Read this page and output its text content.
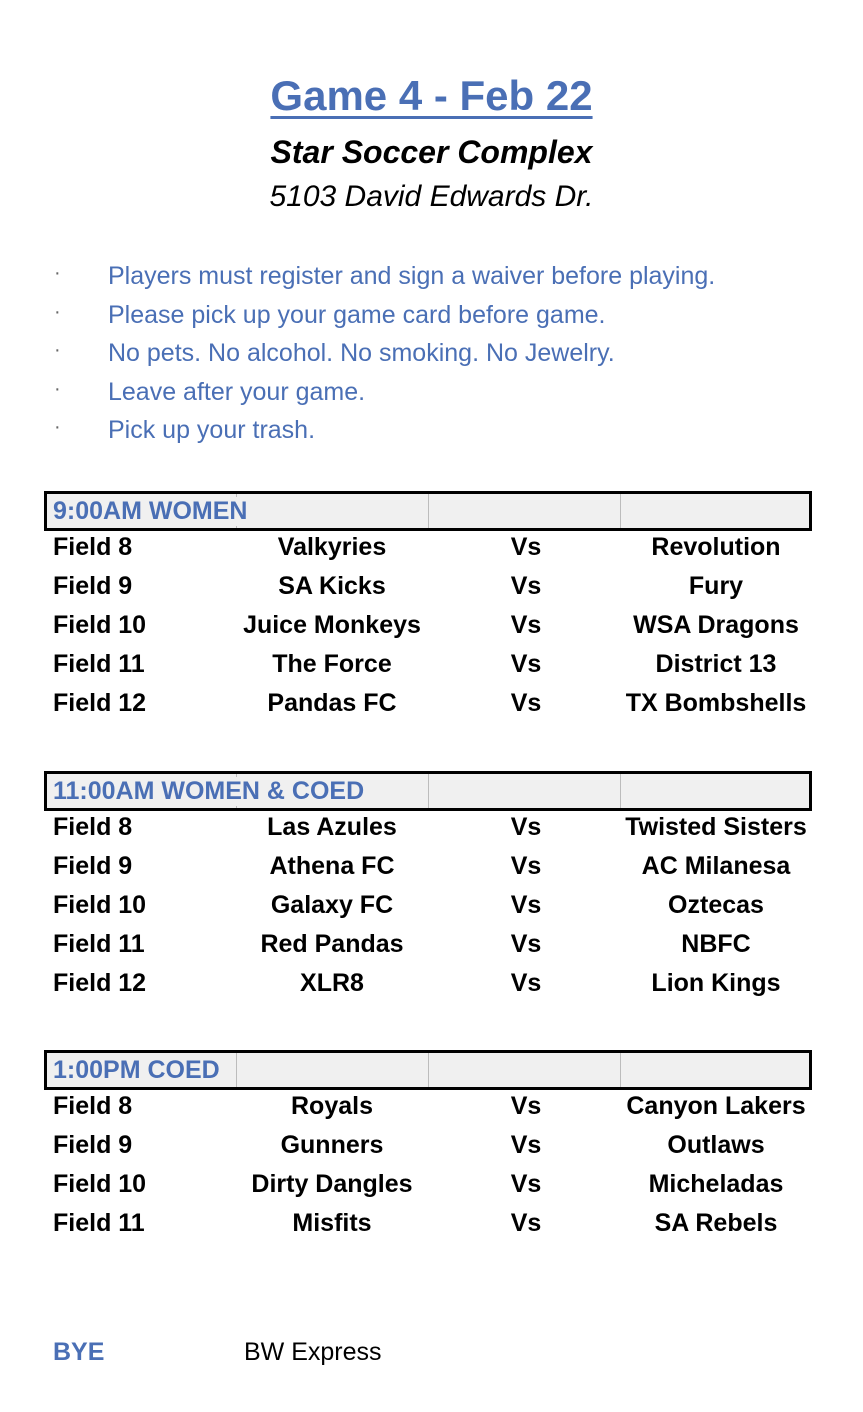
Game 4 - Feb 22
Star Soccer Complex
5103 David Edwards Dr.
· Players must register and sign a waiver before playing.
· Please pick up your game card before game.
· No pets. No alcohol. No smoking. No Jewelry.
· Leave after your game.
· Pick up your trash.
9:00AM WOMEN
Field 8	Valkyries	Vs	Revolution
Field 9	SA Kicks	Vs	Fury
Field 10	Juice Monkeys	Vs	WSA Dragons
Field 11	The Force	Vs	District 13
Field 12	Pandas FC	Vs	TX Bombshells
11:00AM WOMEN & COED
Field 8	Las Azules	Vs	Twisted Sisters
Field 9	Athena FC	Vs	AC Milanesa
Field 10	Galaxy FC	Vs	Oztecas
Field 11	Red Pandas	Vs	NBFC
Field 12	XLR8	Vs	Lion Kings
1:00PM COED
Field 8	Royals	Vs	Canyon Lakers
Field 9	Gunners	Vs	Outlaws
Field 10	Dirty Dangles	Vs	Micheladas
Field 11	Misfits	Vs	SA Rebels
BYE	BW Express
